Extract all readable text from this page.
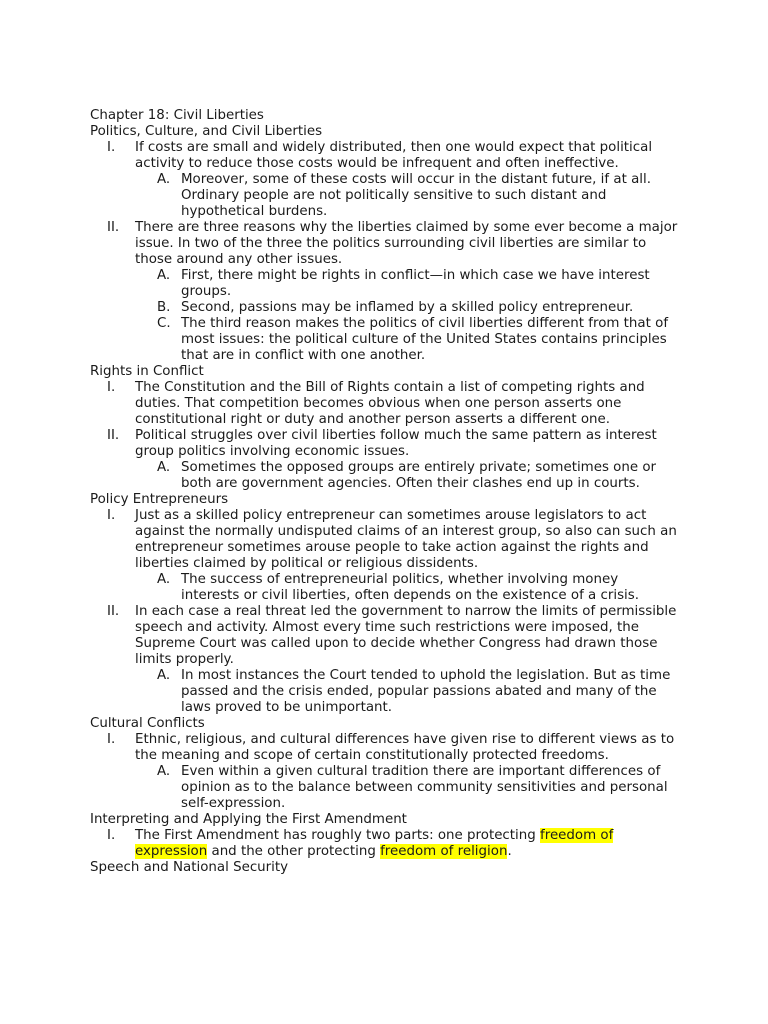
Chapter 18: Civil Liberties
Politics, Culture, and Civil Liberties
I. If costs are small and widely distributed, then one would expect that political activity to reduce those costs would be infrequent and often ineffective.
A. Moreover, some of these costs will occur in the distant future, if at all. Ordinary people are not politically sensitive to such distant and hypothetical burdens.
II. There are three reasons why the liberties claimed by some ever become a major issue. In two of the three the politics surrounding civil liberties are similar to those around any other issues.
A. First, there might be rights in conflict—in which case we have interest groups.
B. Second, passions may be inflamed by a skilled policy entrepreneur.
C. The third reason makes the politics of civil liberties different from that of most issues: the political culture of the United States contains principles that are in conflict with one another.
Rights in Conflict
I. The Constitution and the Bill of Rights contain a list of competing rights and duties. That competition becomes obvious when one person asserts one constitutional right or duty and another person asserts a different one.
II. Political struggles over civil liberties follow much the same pattern as interest group politics involving economic issues.
A. Sometimes the opposed groups are entirely private; sometimes one or both are government agencies. Often their clashes end up in courts.
Policy Entrepreneurs
I. Just as a skilled policy entrepreneur can sometimes arouse legislators to act against the normally undisputed claims of an interest group, so also can such an entrepreneur sometimes arouse people to take action against the rights and liberties claimed by political or religious dissidents.
A. The success of entrepreneurial politics, whether involving money interests or civil liberties, often depends on the existence of a crisis.
II. In each case a real threat led the government to narrow the limits of permissible speech and activity. Almost every time such restrictions were imposed, the Supreme Court was called upon to decide whether Congress had drawn those limits properly.
A. In most instances the Court tended to uphold the legislation. But as time passed and the crisis ended, popular passions abated and many of the laws proved to be unimportant.
Cultural Conflicts
I. Ethnic, religious, and cultural differences have given rise to different views as to the meaning and scope of certain constitutionally protected freedoms.
A. Even within a given cultural tradition there are important differences of opinion as to the balance between community sensitivities and personal self-expression.
Interpreting and Applying the First Amendment
I. The First Amendment has roughly two parts: one protecting freedom of expression and the other protecting freedom of religion.
Speech and National Security
